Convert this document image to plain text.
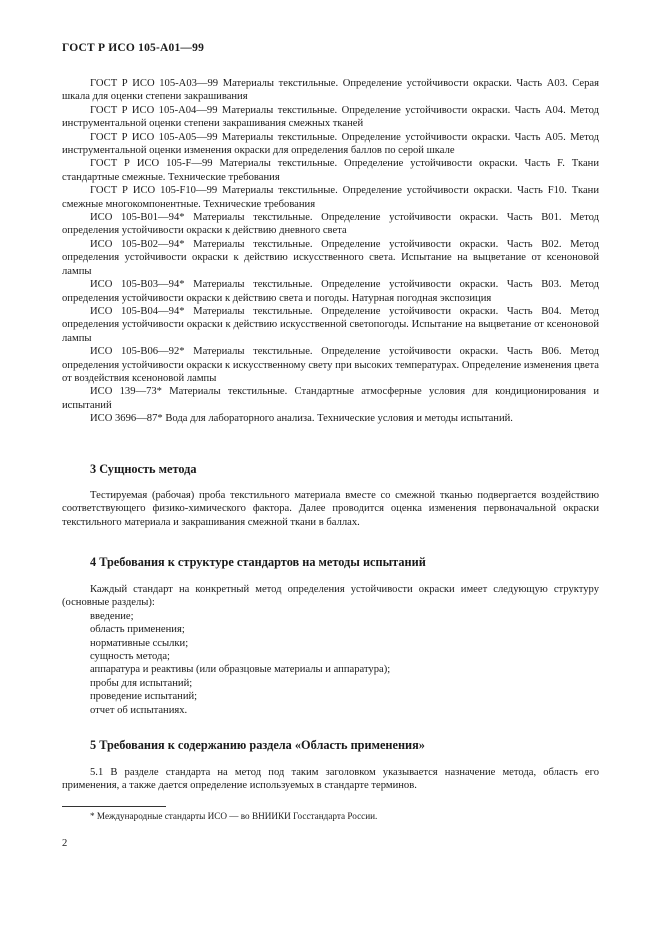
ГОСТ Р ИСО 105-А01—99

ГОСТ Р ИСО 105-А03—99 Материалы текстильные. Определение устойчивости окраски. Часть А03. Серая шкала для оценки степени закрашивания

ГОСТ Р ИСО 105-А04—99 Материалы текстильные. Определение устойчивости окраски. Часть А04. Метод инструментальной оценки степени закрашивания смежных тканей

ГОСТ Р ИСО 105-А05—99 Материалы текстильные. Определение устойчивости окраски. Часть А05. Метод инструментальной оценки изменения окраски для определения баллов по серой шкале

ГОСТ Р ИСО 105-F—99 Материалы текстильные. Определение устойчивости окраски. Часть F. Ткани стандартные смежные. Технические требования

ГОСТ Р ИСО 105-F10—99 Материалы текстильные. Определение устойчивости окраски. Часть F10. Ткани смежные многокомпонентные. Технические требования

ИСО 105-В01—94* Материалы текстильные. Определение устойчивости окраски. Часть В01. Метод определения устойчивости окраски к действию дневного света

ИСО 105-В02—94* Материалы текстильные. Определение устойчивости окраски. Часть В02. Метод определения устойчивости окраски к действию искусственного света. Испытание на выцветание от ксеноновой лампы

ИСО 105-В03—94* Материалы текстильные. Определение устойчивости окраски. Часть В03. Метод определения устойчивости окраски к действию света и погоды. Натурная погодная экспозиция

ИСО 105-В04—94* Материалы текстильные. Определение устойчивости окраски. Часть В04. Метод определения устойчивости окраски к действию искусственной светопогоды. Испытание на выцветание от ксеноновой лампы

ИСО 105-В06—92* Материалы текстильные. Определение устойчивости окраски. Часть В06. Метод определения устойчивости окраски к искусственному свету при высоких температурах. Определение изменения цвета от воздействия ксеноновой лампы

ИСО 139—73* Материалы текстильные. Стандартные атмосферные условия для кондиционирования и испытаний

ИСО 3696—87* Вода для лабораторного анализа. Технические условия и методы испытаний.

3 Сущность метода

Тестируемая (рабочая) проба текстильного материала вместе со смежной тканью подвергается воздействию соответствующего физико-химического фактора. Далее проводится оценка изменения первоначальной окраски текстильного материала и закрашивания смежной ткани в баллах.

4 Требования к структуре стандартов на методы испытаний

Каждый стандарт на конкретный метод определения устойчивости окраски имеет следующую структуру (основные разделы):

введение;
область применения;
нормативные ссылки;
сущность метода;
аппаратура и реактивы (или образцовые материалы и аппаратура);
пробы для испытаний;
проведение испытаний;
отчет об испытаниях.
5 Требования к содержанию раздела «Область применения»

5.1 В разделе стандарта на метод под таким заголовком указывается назначение метода, область его применения, а также дается определение используемых в стандарте терминов.

* Международные стандарты ИСО — во ВНИИКИ Госстандарта России.
2
